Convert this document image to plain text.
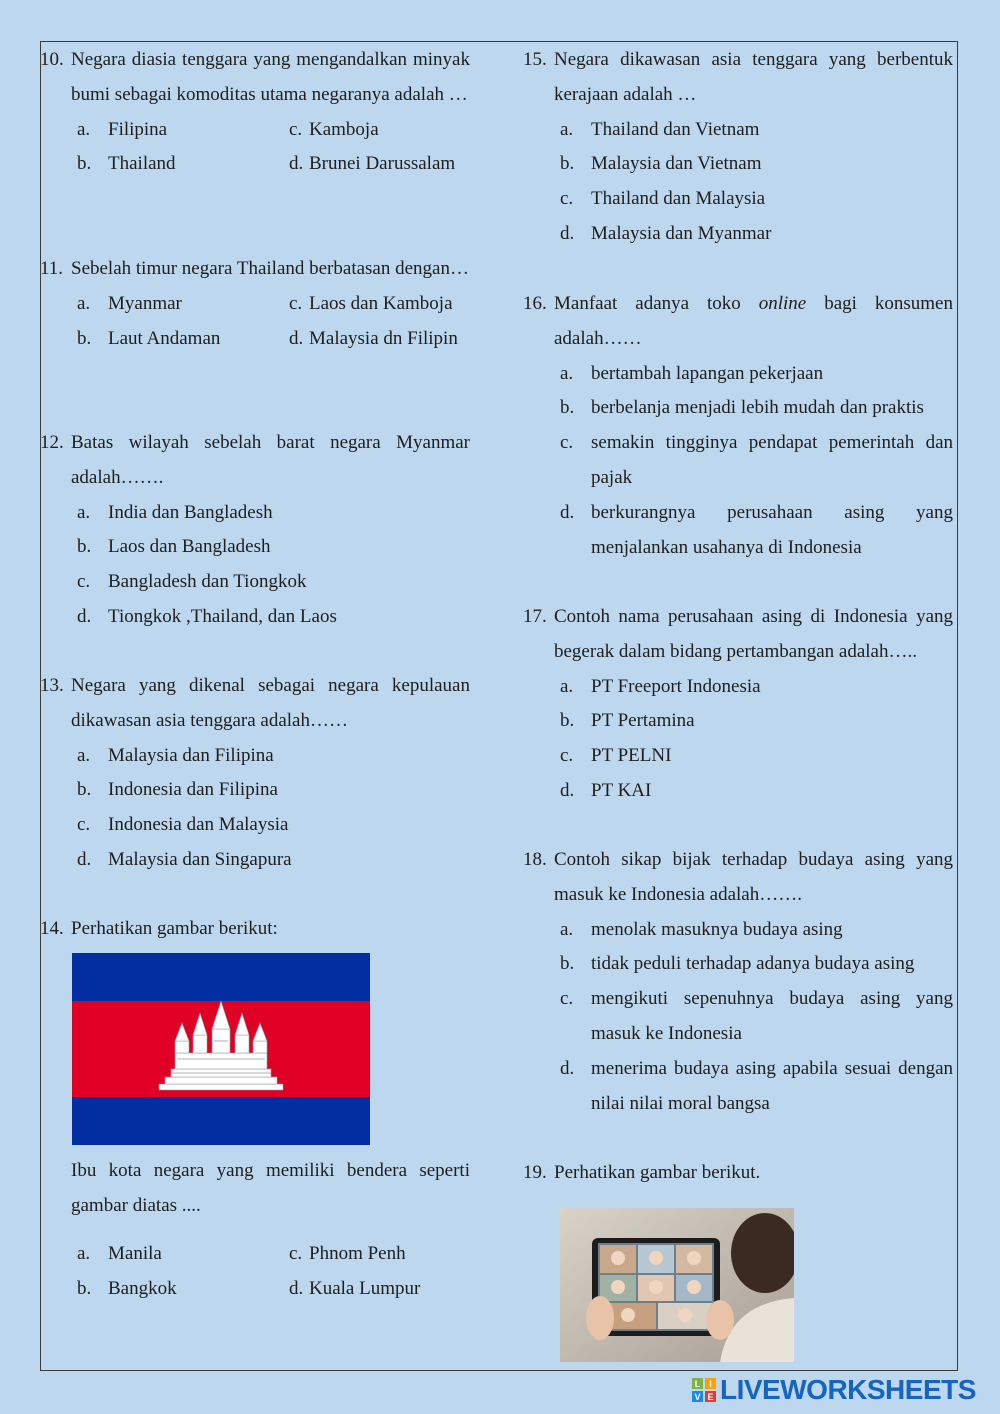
10. Negara diasia tenggara yang mengandalkan minyak bumi sebagai komoditas utama negaranya adalah …
a. Filipina	c. Kamboja
b. Thailand	d. Brunei Darussalam
11. Sebelah timur negara Thailand berbatasan dengan…
a. Myanmar	c. Laos dan Kamboja
b. Laut Andaman	d. Malaysia dn Filipin
12. Batas wilayah sebelah barat negara Myanmar adalah…….
a. India dan Bangladesh
b. Laos dan Bangladesh
c. Bangladesh dan Tiongkok
d. Tiongkok ,Thailand, dan Laos
13. Negara yang dikenal sebagai negara kepulauan dikawasan asia tenggara adalah……
a. Malaysia dan Filipina
b. Indonesia dan Filipina
c. Indonesia dan Malaysia
d. Malaysia dan Singapura
14. Perhatikan gambar berikut:
Ibu kota negara yang memiliki bendera seperti gambar diatas ....
a. Manila	c. Phnom Penh
b. Bangkok	d. Kuala Lumpur
15. Negara dikawasan asia tenggara yang berbentuk kerajaan adalah …
a. Thailand dan Vietnam
b. Malaysia dan Vietnam
c. Thailand dan Malaysia
d. Malaysia dan Myanmar
16. Manfaat adanya toko online bagi konsumen adalah……
a. bertambah lapangan pekerjaan
b. berbelanja menjadi lebih mudah dan praktis
c. semakin tingginya pendapat pemerintah dan pajak
d. berkurangnya perusahaan asing yang menjalankan usahanya di Indonesia
17. Contoh nama perusahaan asing di Indonesia yang begerak dalam bidang pertambangan adalah…..
a. PT Freeport Indonesia
b. PT Pertamina
c. PT PELNI
d. PT KAI
18. Contoh sikap bijak terhadap budaya asing yang masuk ke Indonesia adalah…….
a. menolak masuknya budaya asing
b. tidak peduli terhadap adanya budaya asing
c. mengikuti sepenuhnya budaya asing yang masuk ke Indonesia
d. menerima budaya asing apabila sesuai dengan nilai nilai moral bangsa
19. Perhatikan gambar berikut.
L I
V E LIVEWORKSHEETS
